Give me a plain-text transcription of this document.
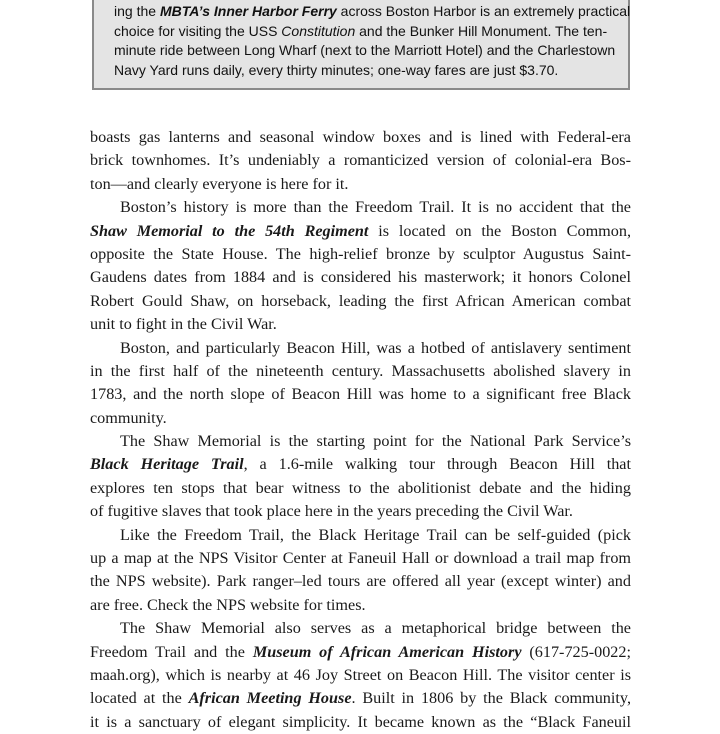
ing the MBTA’s Inner Harbor Ferry across Boston Harbor is an extremely practical
choice for visiting the USS Constitution and the Bunker Hill Monument. The ten-
minute ride between Long Wharf (next to the Marriott Hotel) and the Charlestown
Navy Yard runs daily, every thirty minutes; one-way fares are just $3.70.
boasts gas lanterns and seasonal window boxes and is lined with Federal-era
brick townhomes. It’s undeniably a romanticized version of colonial-era Bos-
ton—and clearly everyone is here for it.
Boston’s history is more than the Freedom Trail. It is no accident that the
Shaw Memorial to the 54th Regiment is located on the Boston Common,
opposite the State House. The high-relief bronze by sculptor Augustus Saint-
Gaudens dates from 1884 and is considered his masterwork; it honors Colonel
Robert Gould Shaw, on horseback, leading the first African American combat
unit to fight in the Civil War.
Boston, and particularly Beacon Hill, was a hotbed of antislavery sentiment
in the first half of the nineteenth century. Massachusetts abolished slavery in
1783, and the north slope of Beacon Hill was home to a significant free Black
community.
The Shaw Memorial is the starting point for the National Park Service’s
Black Heritage Trail, a 1.6-mile walking tour through Beacon Hill that
explores ten stops that bear witness to the abolitionist debate and the hiding
of fugitive slaves that took place here in the years preceding the Civil War.
Like the Freedom Trail, the Black Heritage Trail can be self-guided (pick
up a map at the NPS Visitor Center at Faneuil Hall or download a trail map from
the NPS website). Park ranger–led tours are offered all year (except winter) and
are free. Check the NPS website for times.
The Shaw Memorial also serves as a metaphorical bridge between the
Freedom Trail and the Museum of African American History (617-725-0022;
maah.org), which is nearby at 46 Joy Street on Beacon Hill. The visitor center is
located at the African Meeting House. Built in 1806 by the Black community,
it is a sanctuary of elegant simplicity. It became known as the “Black Faneuil
